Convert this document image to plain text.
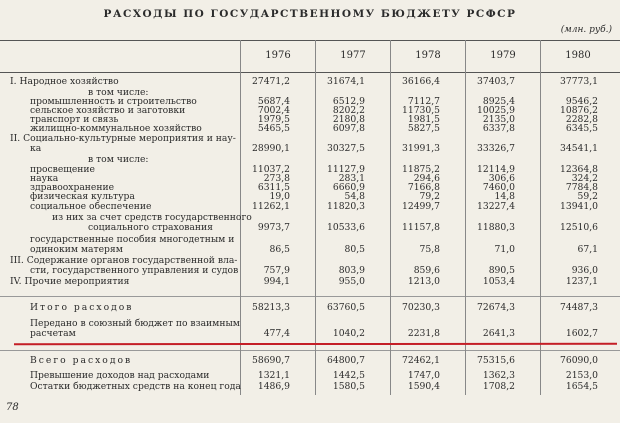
РАСХОДЫ ПО ГОСУДАРСТВЕННОМУ БЮДЖЕТУ РСФСР
(млн. руб.)
1976	1977	1978	1979	1980
I. Народное хозяйство	27471,2	31674,1	36166,4	37403,7	37773,1
в том числе:
промышленность и строительство	5687,4	6512,9	7112,7	8925,4	9546,2
сельское хозяйство и заготовки	7002,4	8202,2	11730,5	10025,9	10876,2
транспорт и связь	1979,5	2180,8	1981,5	2135,0	2282,8
жилищно-коммунальное хозяйство	5465,5	6097,8	5827,5	6337,8	6345,5
II. Социально-культурные мероприятия и нау-
ка	28990,1	30327,5	31991,3	33326,7	34541,1
в том числе:
просвещение	11037,2	11127,9	11875,2	12114,9	12364,8
наука	273,8	283,1	294,6	306,6	324,2
здравоохранение	6311,5	6660,9	7166,8	7460,0	7784,8
физическая культура	19,0	54,8	79,2	14,8	59,2
социальное обеспечение	11262,1	11820,3	12499,7	13227,4	13941,0
из них за счет средств государственного
социального страхования	9973,7	10533,6	11157,8	11880,3	12510,6
государственные пособия многодетным и
одиноким матерям	86,5	80,5	75,8	71,0	67,1
III. Содержание органов государственной вла-
сти, государственного управления и судов	757,9	803,9	859,6	890,5	936,0
IV. Прочие мероприятия	994,1	955,0	1213,0	1053,4	1237,1
Итого расходов	58213,3	63760,5	70230,3	72674,3	74487,3
Передано в союзный бюджет по взаимным
расчетам	477,4	1040,2	2231,8	2641,3	1602,7
Всего расходов	58690,7	64800,7	72462,1	75315,6	76090,0
Превышение доходов над расходами	1321,1	1442,5	1747,0	1362,3	2153,0
Остатки бюджетных средств на конец года	1486,9	1580,5	1590,4	1708,2	1654,5
78
